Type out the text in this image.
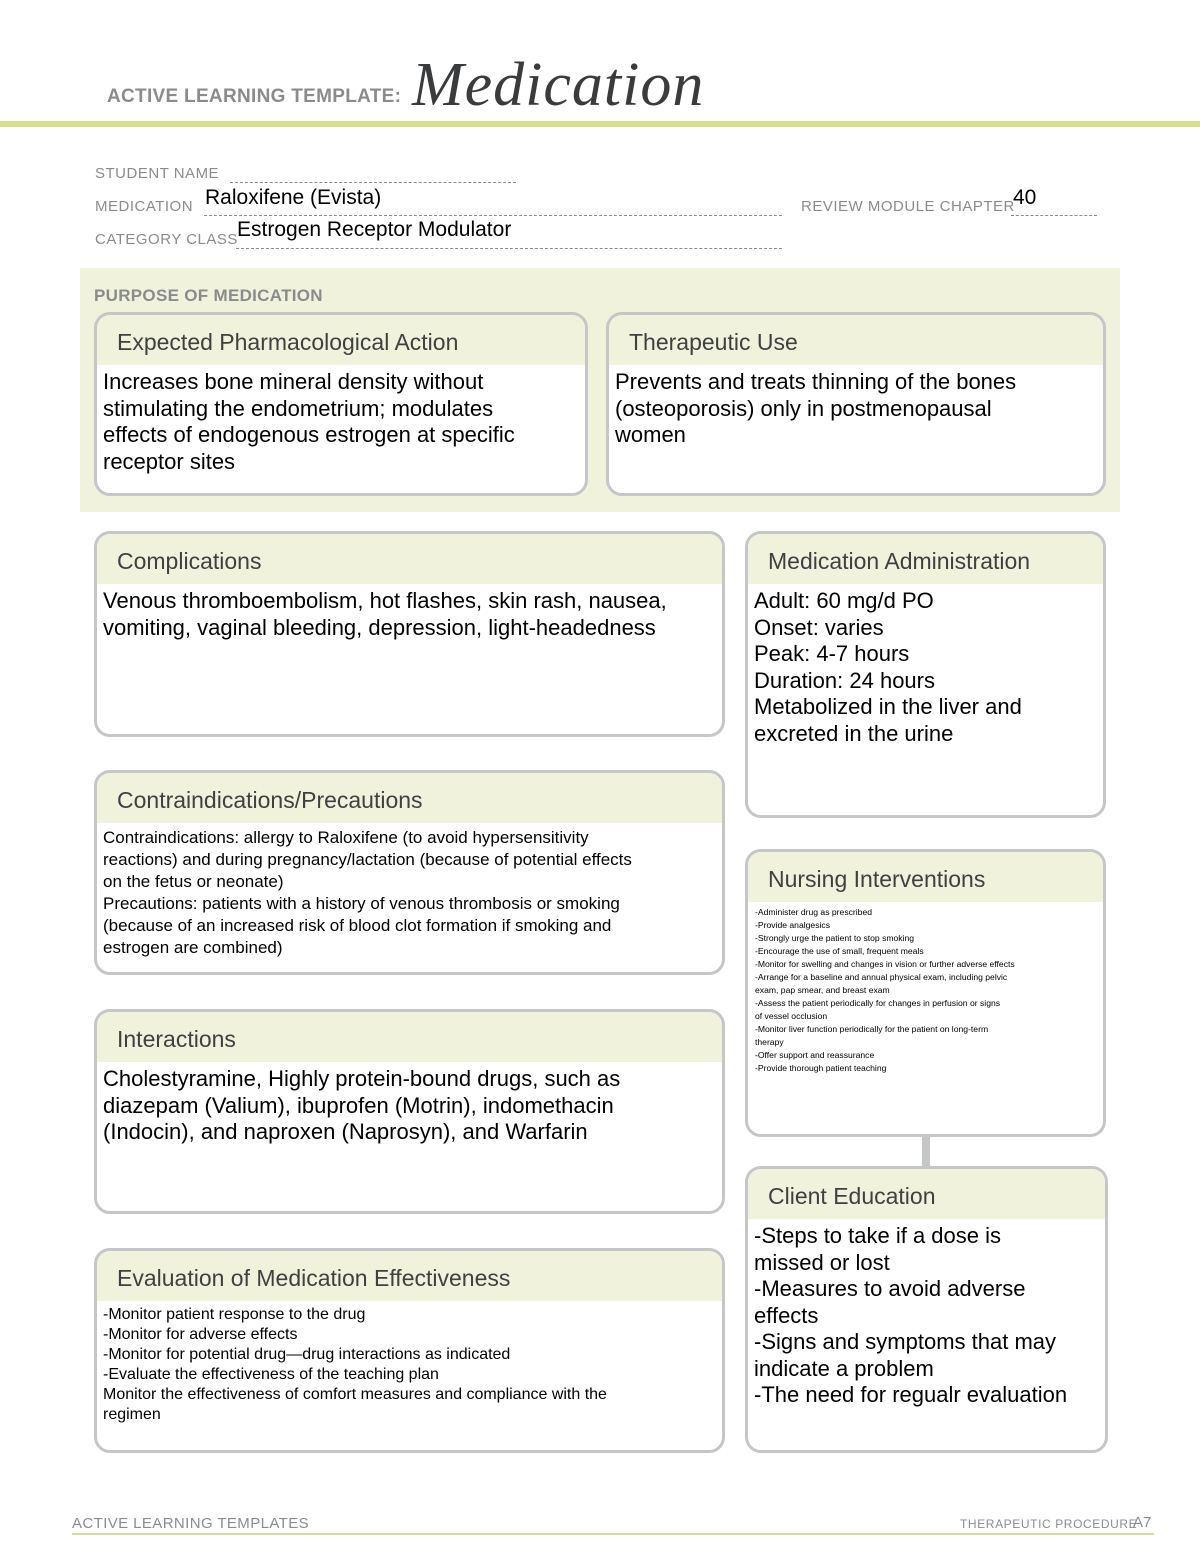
ACTIVE LEARNING TEMPLATE: Medication
STUDENT NAME
MEDICATION Raloxifene (Evista)	REVIEW MODULE CHAPTER
40
CATEGORY CLASS Estrogen Receptor Modulator
PURPOSE OF MEDICATION
Expected Pharmacological Action
Increases bone mineral density without
stimulating the endometrium; modulates
effects of endogenous estrogen at specific
receptor sites
Therapeutic Use
Prevents and treats thinning of the bones
(osteoporosis) only in postmenopausal
women
Complications
Venous thromboembolism, hot flashes, skin rash, nausea,
vomiting, vaginal bleeding, depression, light-headedness
Medication Administration
Adult: 60 mg/d PO
Onset: varies
Peak: 4-7 hours
Duration: 24 hours
Metabolized in the liver and
excreted in the urine
Contraindications/Precautions
Contraindications: allergy to Raloxifene (to avoid hypersensitivity
reactions) and during pregnancy/lactation (because of potential effects
on the fetus or neonate)
Precautions: patients with a history of venous thrombosis or smoking
(because of an increased risk of blood clot formation if smoking and
estrogen are combined)
Nursing Interventions
-Administer drug as prescribed
-Provide analgesics
-Strongly urge the patient to stop smoking
-Encourage the use of small, frequent meals
-Monitor for swelling and changes in vision or further adverse effects
-Arrange for a baseline and annual physical exam, including pelvic
exam, pap smear, and breast exam
-Assess the patient periodically for changes in perfusion or signs
of vessel occlusion
-Monitor liver function periodically for the patient on long-term
therapy
-Offer support and reassurance
-Provide thorough patient teaching
Interactions
Cholestyramine, Highly protein-bound drugs, such as
diazepam (Valium), ibuprofen (Motrin), indomethacin
(Indocin), and naproxen (Naprosyn), and Warfarin
Client Education
-Steps to take if a dose is
missed or lost
-Measures to avoid adverse
effects
-Signs and symptoms that may
indicate a problem
-The need for regualr evaluation
Evaluation of Medication Effectiveness
-Monitor patient response to the drug
-Monitor for adverse effects
-Monitor for potential drug—drug interactions as indicated
-Evaluate the effectiveness of the teaching plan
Monitor the effectiveness of comfort measures and compliance with the
regimen
ACTIVE LEARNING TEMPLATES	THERAPEUTIC PROCEDURE
A7
